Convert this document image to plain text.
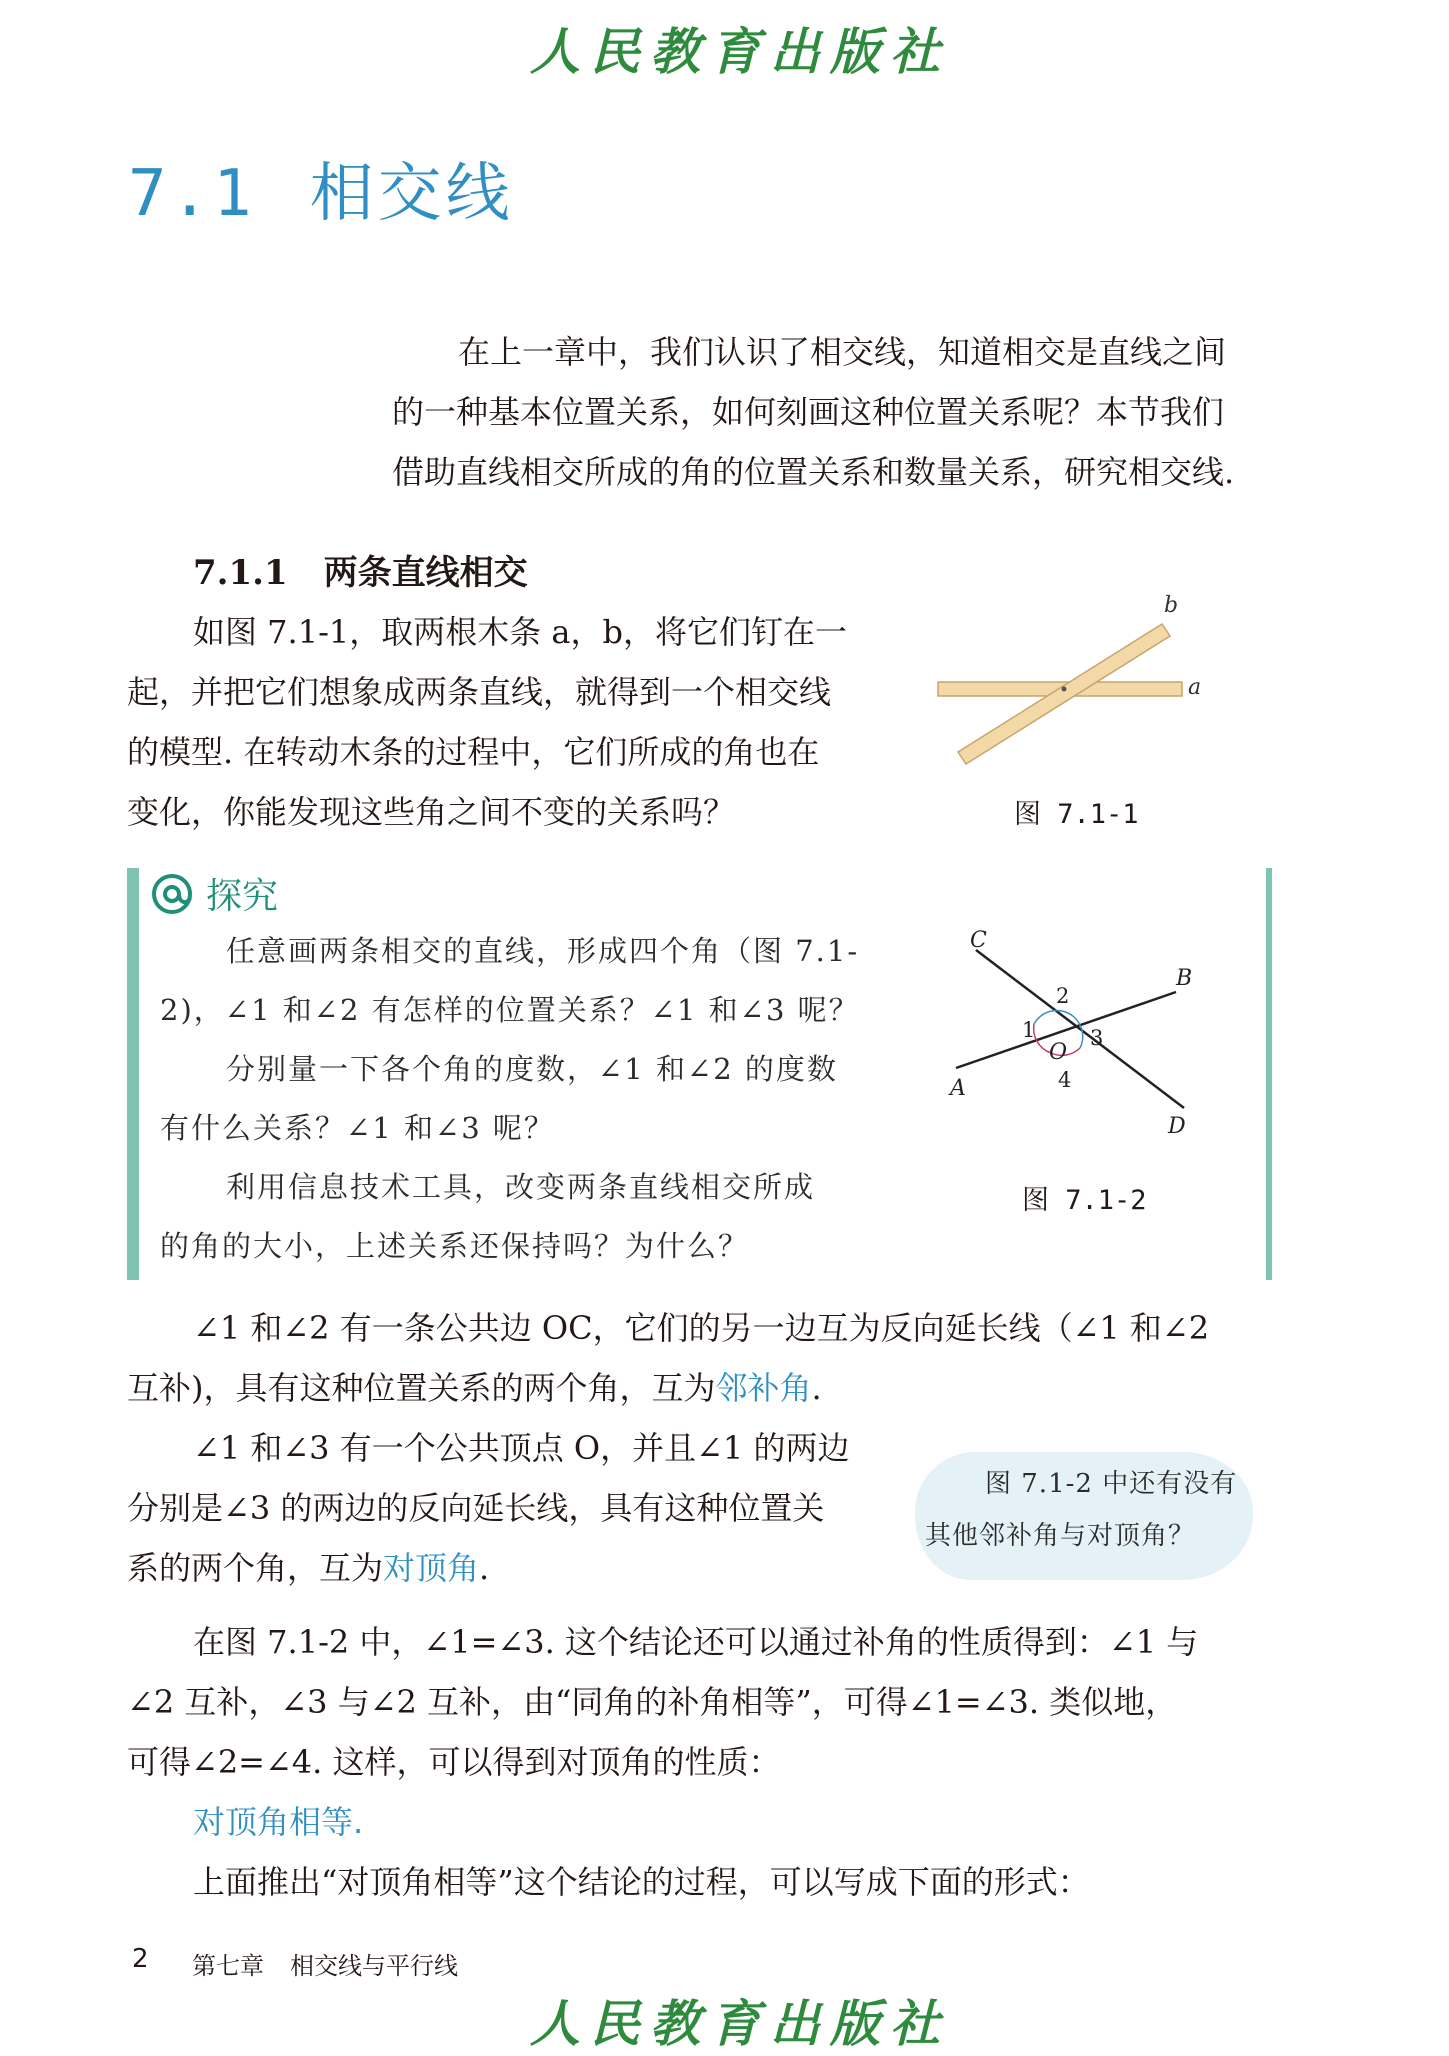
人民教育出版社
7.1 相交线
在上一章中，我们认识了相交线，知道相交是直线之间
的一种基本位置关系，如何刻画这种位置关系呢？本节我们
借助直线相交所成的角的位置关系和数量关系，研究相交线.
7.1.1 两条直线相交
如图 7.1-1，取两根木条 a，b，将它们钉在一
起，并把它们想象成两条直线，就得到一个相交线
的模型. 在转动木条的过程中，它们所成的角也在
变化，你能发现这些角之间不变的关系吗？
a
b
图 7.1-1
探究
任意画两条相交的直线，形成四个角（图 7.1-
2)，∠1 和∠2 有怎样的位置关系？∠1 和∠3 呢？
分别量一下各个角的度数，∠1 和∠2 的度数
有什么关系？∠1 和∠3 呢？
利用信息技术工具，改变两条直线相交所成
的角的大小，上述关系还保持吗？为什么？
C
B
A
D
O
1
2
3
4
图 7.1-2
∠1 和∠2 有一条公共边 OC，它们的另一边互为反向延长线（∠1 和∠2
互补)，具有这种位置关系的两个角，互为邻补角.
∠1 和∠3 有一个公共顶点 O，并且∠1 的两边
分别是∠3 的两边的反向延长线，具有这种位置关
系的两个角，互为对顶角.
图 7.1-2 中还有没有
其他邻补角与对顶角？
在图 7.1-2 中，∠1=∠3. 这个结论还可以通过补角的性质得到：∠1 与
∠2 互补，∠3 与∠2 互补，由“同角的补角相等”，可得∠1=∠3. 类似地，
可得∠2=∠4. 这样，可以得到对顶角的性质：
对顶角相等.
上面推出“对顶角相等”这个结论的过程，可以写成下面的形式：
2 第七章 相交线与平行线
人民教育出版社
